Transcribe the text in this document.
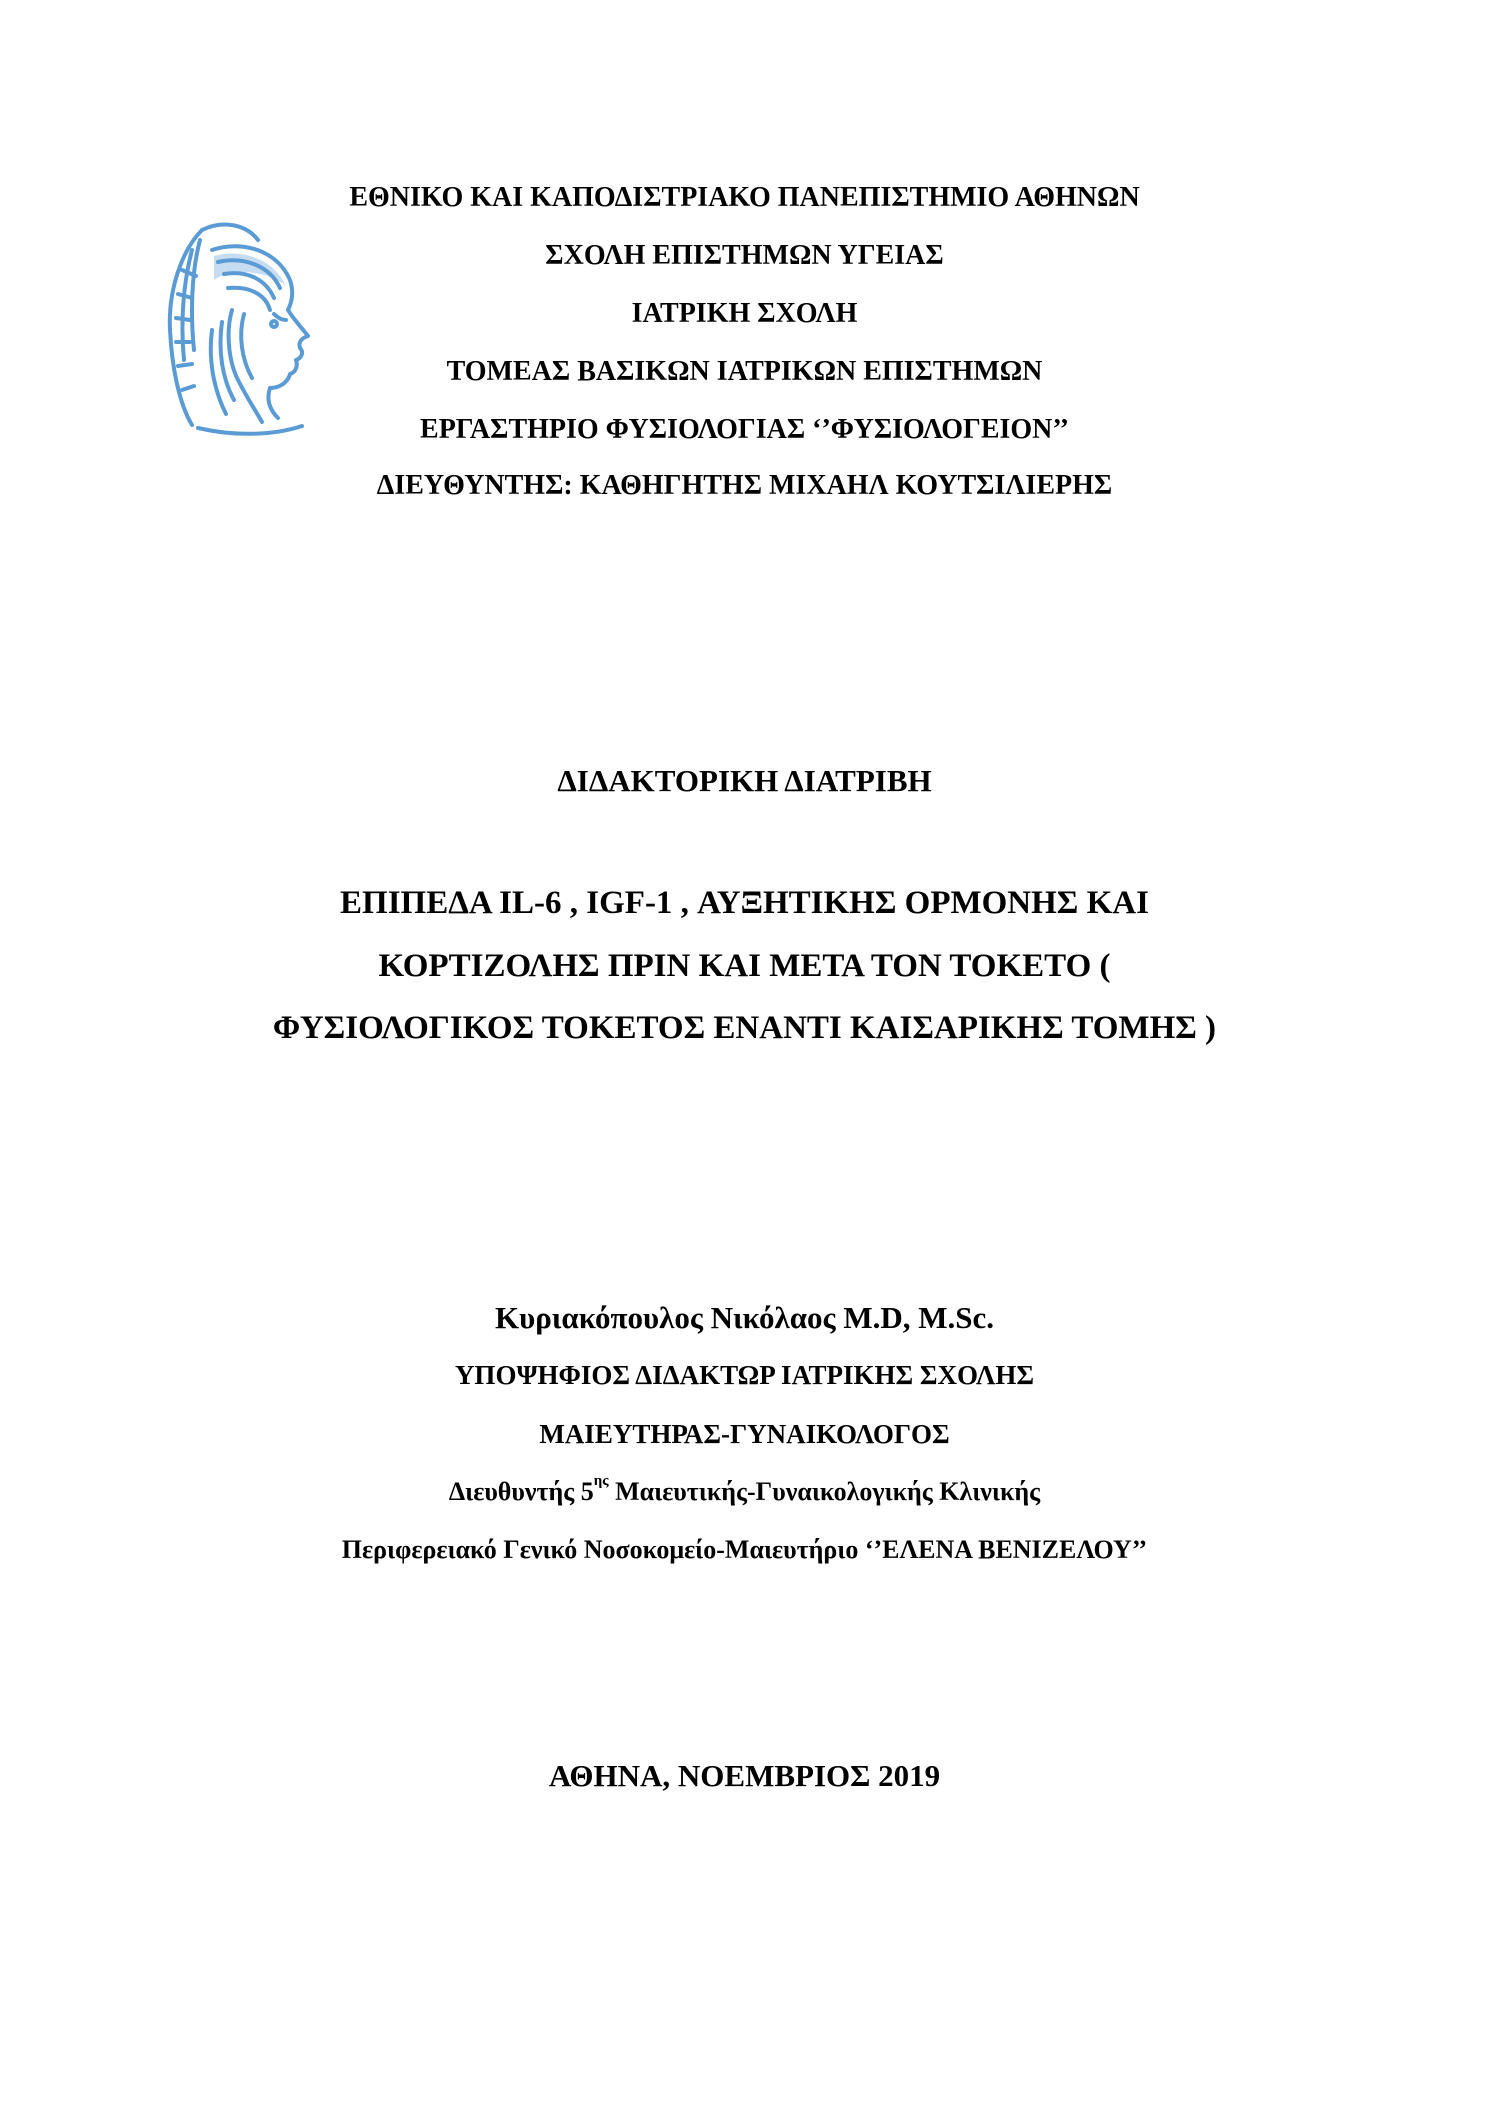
ΕΘΝΙΚΟ ΚΑΙ ΚΑΠΟΔΙΣΤΡΙΑΚΟ ΠΑΝΕΠΙΣΤΗΜΙΟ ΑΘΗΝΩΝ
ΣΧΟΛΗ ΕΠΙΣΤΗΜΩΝ ΥΓΕΙΑΣ
ΙΑΤΡΙΚΗ ΣΧΟΛΗ
ΤΟΜΕΑΣ ΒΑΣΙΚΩΝ ΙΑΤΡΙΚΩΝ ΕΠΙΣΤΗΜΩΝ
ΕΡΓΑΣΤΗΡΙΟ ΦΥΣΙΟΛΟΓΙΑΣ ‘’ΦΥΣΙΟΛΟΓΕΙΟΝ’’
ΔΙΕΥΘΥΝΤΗΣ: ΚΑΘΗΓΗΤΗΣ ΜΙΧΑΗΛ ΚΟΥΤΣΙΛΙΕΡΗΣ
ΔΙΔΑΚΤΟΡΙΚΗ ΔΙΑΤΡΙΒΗ
ΕΠΙΠΕΔΑ IL-6 , IGF-1 , ΑΥΞΗΤΙΚΗΣ ΟΡΜΟΝΗΣ ΚΑΙ
ΚΟΡΤΙΖΟΛΗΣ ΠΡΙΝ ΚΑΙ ΜΕΤΑ ΤΟΝ ΤΟΚΕΤΟ (
ΦΥΣΙΟΛΟΓΙΚΟΣ ΤΟΚΕΤΟΣ ΕΝΑΝΤΙ ΚΑΙΣΑΡΙΚΗΣ ΤΟΜΗΣ )
Κυριακόπουλος Νικόλαος M.D, M.Sc.
ΥΠΟΨΗΦΙΟΣ ΔΙΔΑΚΤΩΡ ΙΑΤΡΙΚΗΣ ΣΧΟΛΗΣ
ΜΑΙΕΥΤΗΡΑΣ-ΓΥΝΑΙΚΟΛΟΓΟΣ
Διευθυντής $5^{\eta\varsigma}$ Μαιευτικής-Γυναικολογικής Κλινικής
Περιφερειακό Γενικό Νοσοκομείο-Μαιευτήριο ‘’ΕΛΕΝΑ ΒΕΝΙΖΕΛΟΥ’’
ΑΘΗΝΑ, ΝΟΕΜΒΡΙΟΣ 2019
